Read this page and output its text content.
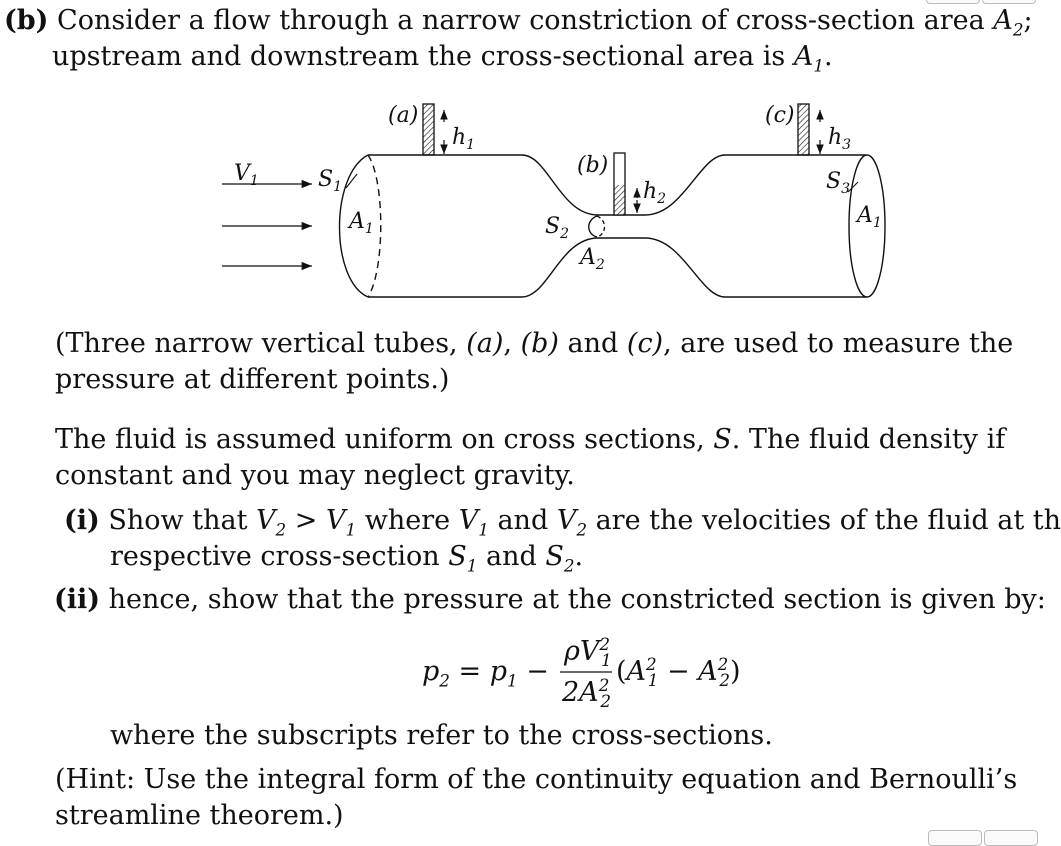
(b) Consider a flow through a narrow constriction of cross-section area $A_2$;
upstream and downstream the cross-sectional area is $A_1$.
$V_1$	$S_1$
$A_1$
(a)
$h_1$
(b)
$h_2$
$S_2$
$A_2$
(c)
$h_3$
$S_3$
$A_1$
(Three narrow vertical tubes, (a), (b) and (c), are used to measure the
pressure at different points.)
The fluid is assumed uniform on cross sections, S. The fluid density if
constant and you may neglect gravity.
(i) Show that $V_2 > V_1$ where $V_1$ and $V_2$ are the velocities of the fluid at th
respective cross-section $S_1$ and $S_2$.
(ii) hence, show that the pressure at the constricted section is given by:
$p_2 = p_1$ −
$\rho V^2_1$
$2A^2_2$
$(A^2_1 - A^2_2)$
where the subscripts refer to the cross-sections.
(Hint: Use the integral form of the continuity equation and Bernoulli’s
streamline theorem.)
